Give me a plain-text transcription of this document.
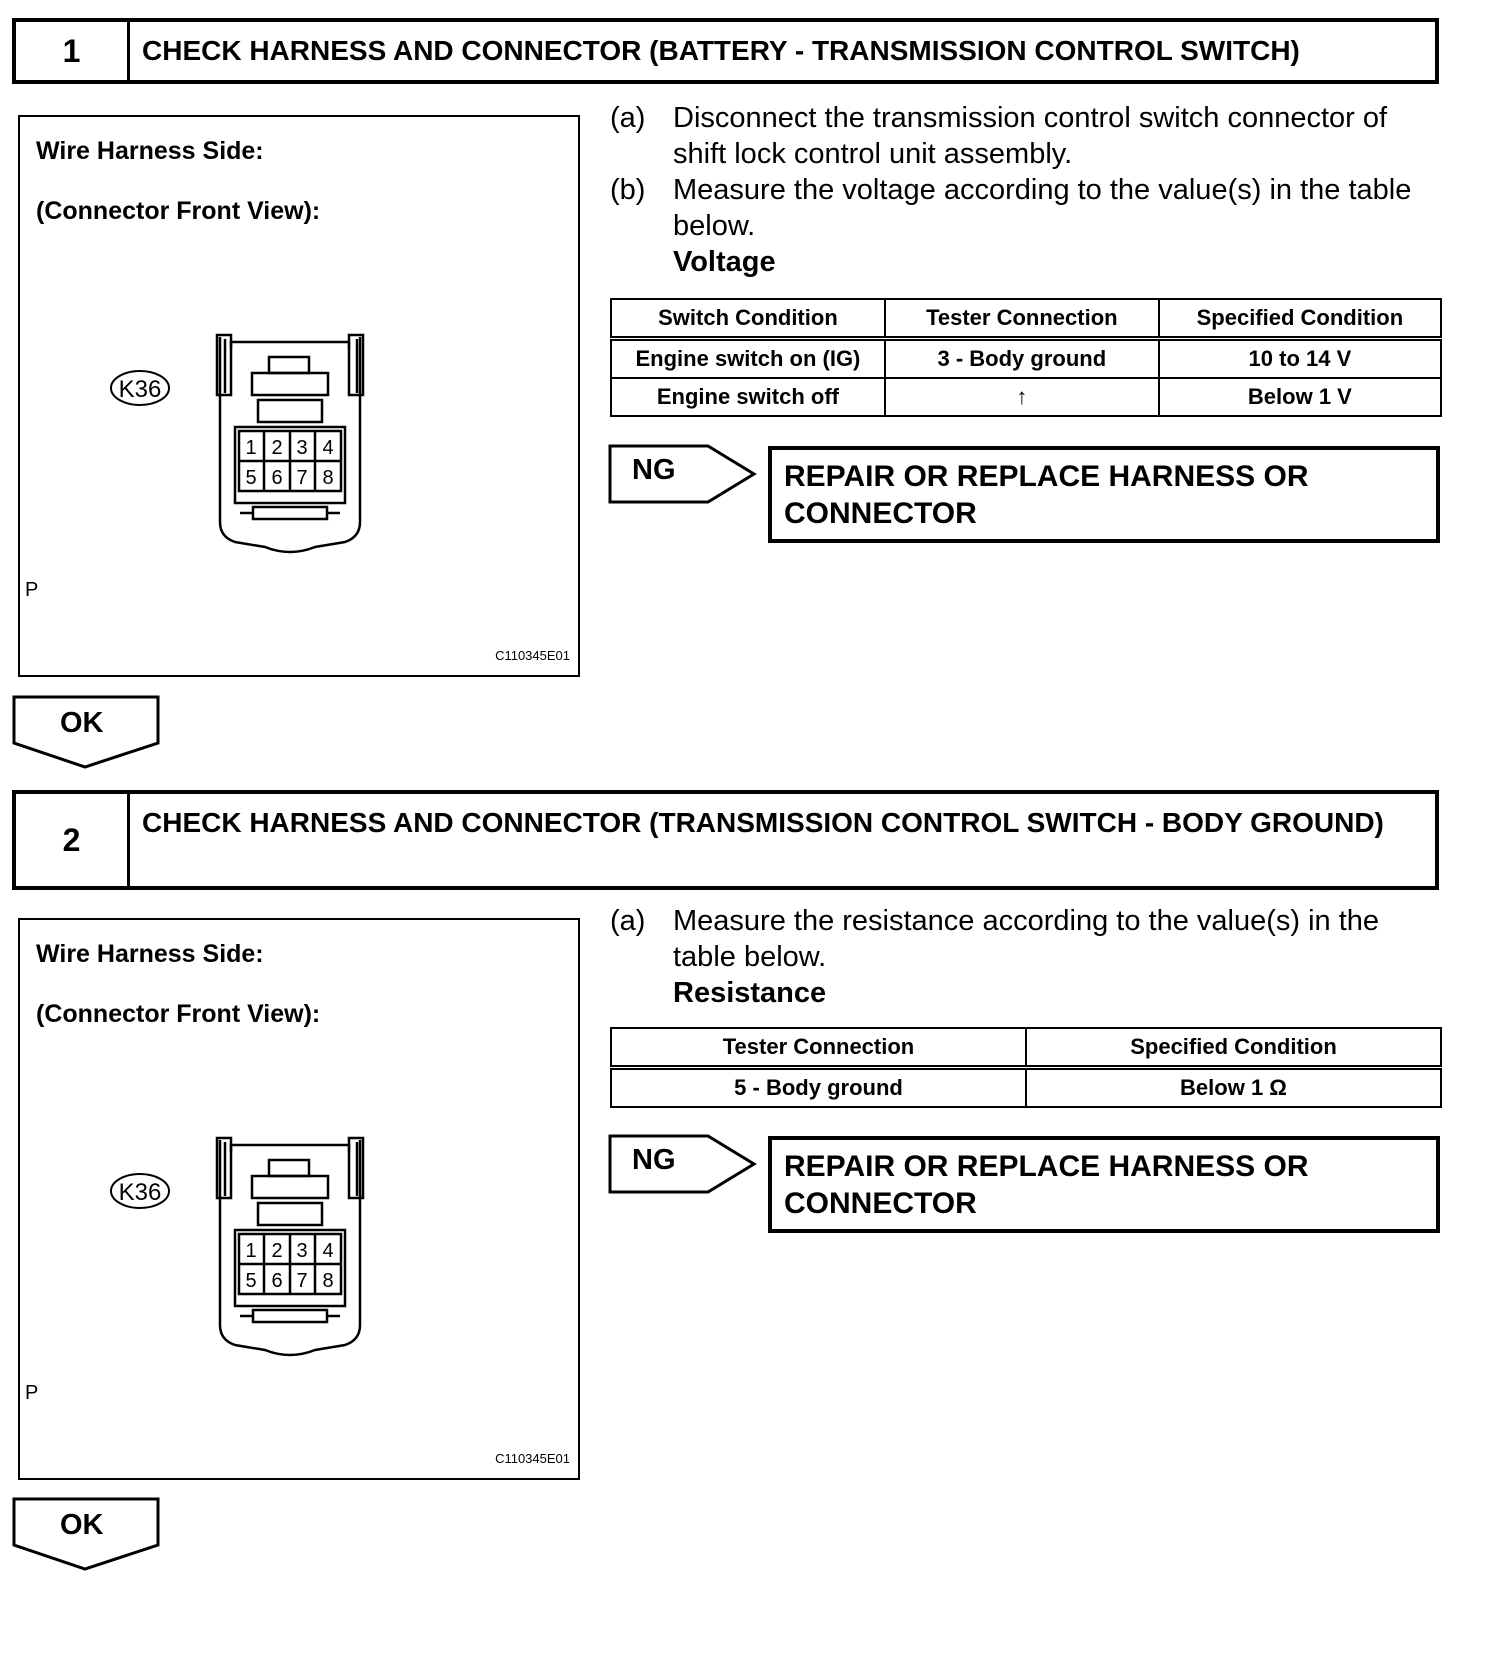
1	CHECK HARNESS AND CONNECTOR (BATTERY - TRANSMISSION CONTROL SWITCH)
Wire Harness Side:
(Connector Front View):
K36
1 2 3 4
5 6 7 8
P
C110345E01
(a) Disconnect the transmission control switch connector of shift lock control unit assembly.
(b) Measure the voltage according to the value(s) in the table below.
Voltage
Switch Condition	Tester Connection	Specified Condition
Engine switch on (IG)	3 - Body ground	10 to 14 V
Engine switch off	↑	Below 1 V
NG	REPAIR OR REPLACE HARNESS OR CONNECTOR
OK
2	CHECK HARNESS AND CONNECTOR (TRANSMISSION CONTROL SWITCH - BODY GROUND)
Wire Harness Side:
(Connector Front View):
K36
1 2 3 4
5 6 7 8
P
C110345E01
(a) Measure the resistance according to the value(s) in the table below.
Resistance
Tester Connection	Specified Condition
5 - Body ground	Below 1 Ω
NG	REPAIR OR REPLACE HARNESS OR CONNECTOR
OK
